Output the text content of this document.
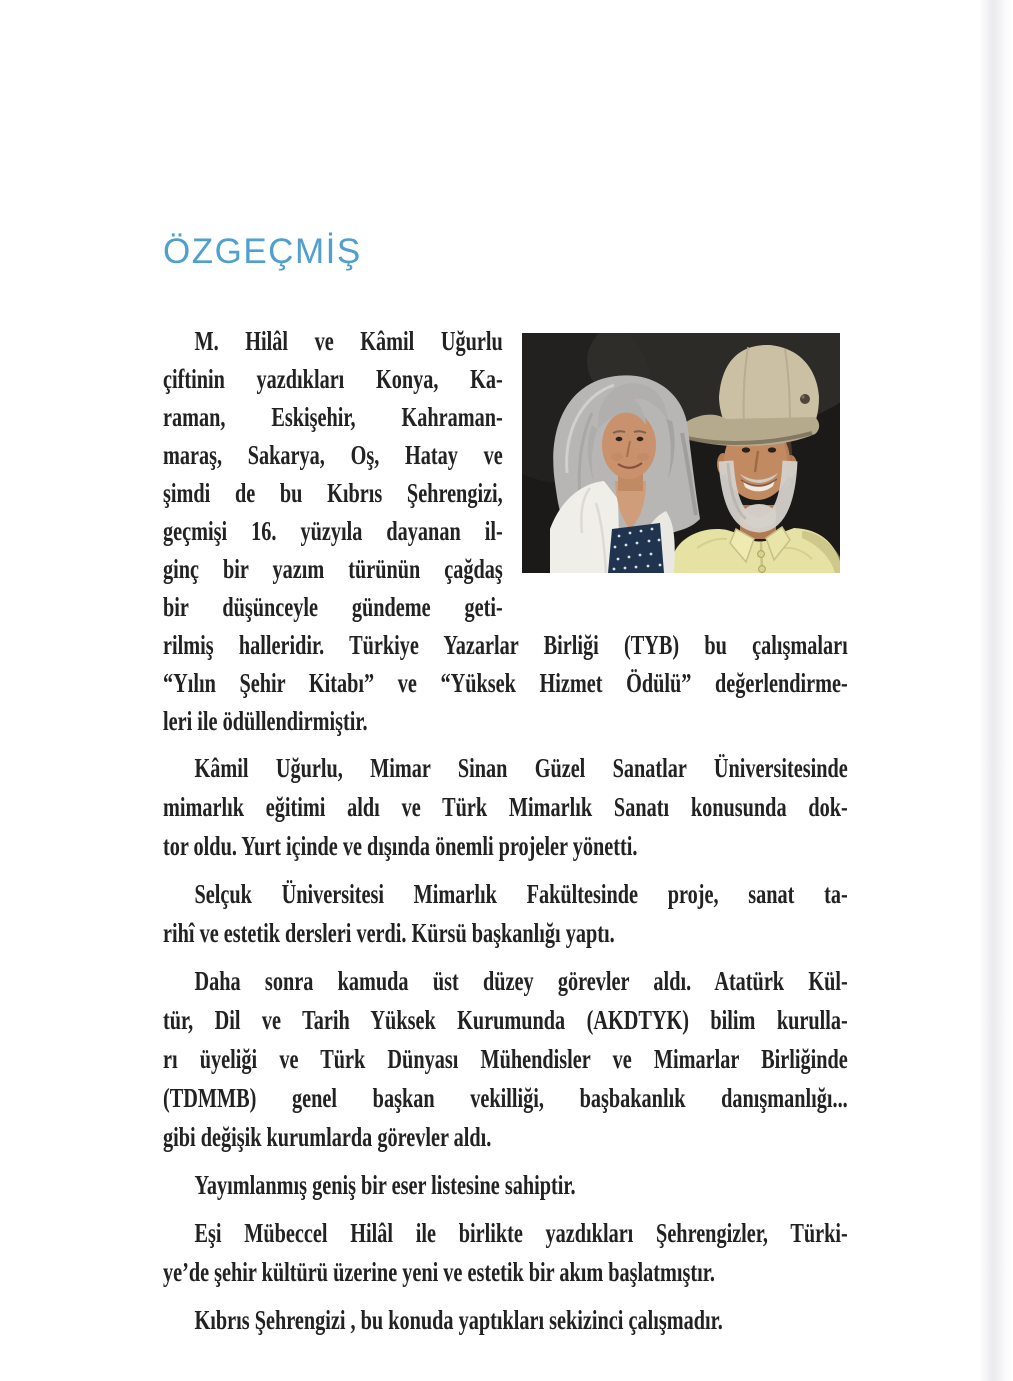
ÖZGEÇMİŞ
M. Hilâl ve Kâmil Uğurlu
çiftinin yazdıkları Konya, Ka-
raman, Eskişehir, Kahraman-
maraş, Sakarya, Oş, Hatay ve
şimdi de bu Kıbrıs Şehrengizi,
geçmişi 16. yüzyıla dayanan il-
ginç bir yazım türünün çağdaş
bir düşünceyle gündeme geti-
rilmiş halleridir. Türkiye Yazarlar Birliği (TYB) bu çalışmaları
“Yılın Şehir Kitabı” ve “Yüksek Hizmet Ödülü” değerlendirme-
leri ile ödüllendirmiştir.
Kâmil Uğurlu, Mimar Sinan Güzel Sanatlar Üniversitesinde
mimarlık eğitimi aldı ve Türk Mimarlık Sanatı konusunda dok-
tor oldu. Yurt içinde ve dışında önemli projeler yönetti.
Selçuk Üniversitesi Mimarlık Fakültesinde proje, sanat ta-
rihî ve estetik dersleri verdi. Kürsü başkanlığı yaptı.
Daha sonra kamuda üst düzey görevler aldı. Atatürk Kül-
tür, Dil ve Tarih Yüksek Kurumunda (AKDTYK) bilim kurulla-
rı üyeliği ve Türk Dünyası Mühendisler ve Mimarlar Birliğinde
(TDMMB) genel başkan vekilliği, başbakanlık danışmanlığı...
gibi değişik kurumlarda görevler aldı.
Yayımlanmış geniş bir eser listesine sahiptir.
Eşi Mübeccel Hilâl ile birlikte yazdıkları Şehrengizler, Türki-
ye’de şehir kültürü üzerine yeni ve estetik bir akım başlatmıştır.
Kıbrıs Şehrengizi , bu konuda yaptıkları sekizinci çalışmadır.
